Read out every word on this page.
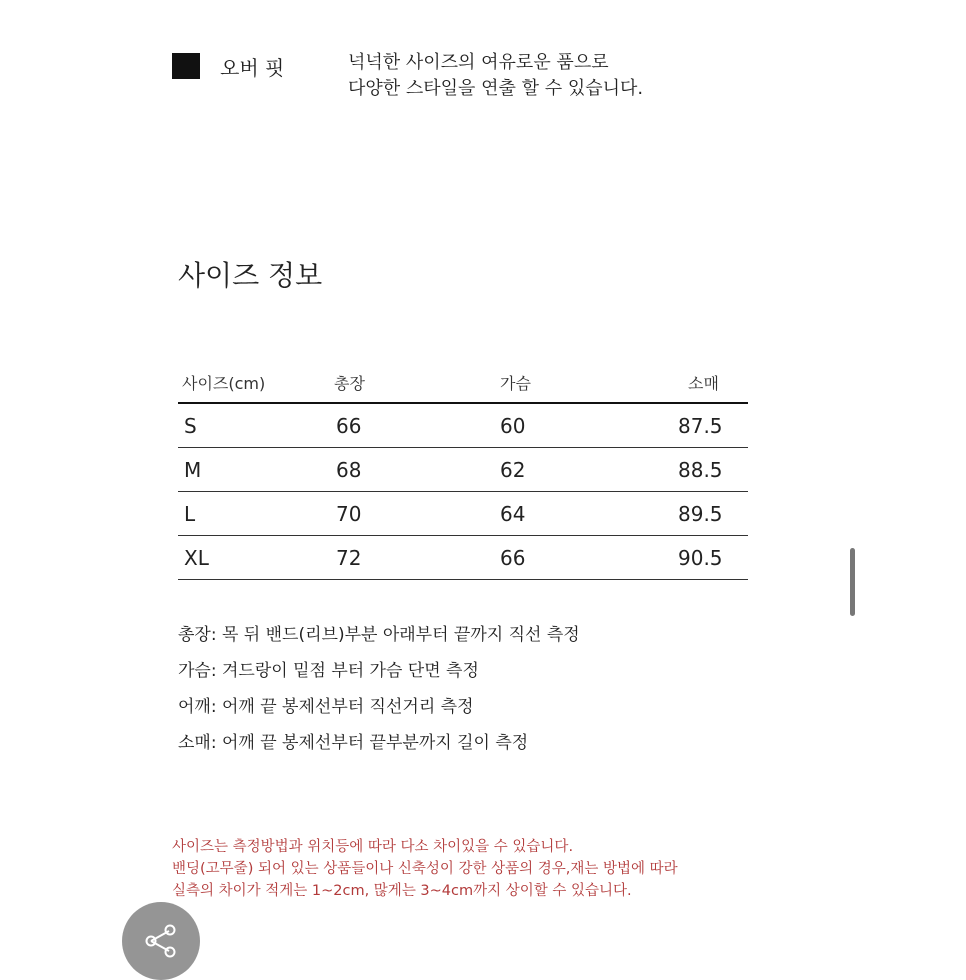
오버 핏	넉넉한 사이즈의 여유로운 품으로
다양한 스타일을 연출 할 수 있습니다.
사이즈 정보
사이즈(cm)	총장	가슴	소매
S	66	60	87.5
M	68	62	88.5
L	70	64	89.5
XL	72	66	90.5
총장: 목 뒤 밴드(리브)부분 아래부터 끝까지 직선 측정
가슴: 겨드랑이 밑점 부터 가슴 단면 측정
어깨: 어깨 끝 봉제선부터 직선거리 측정
소매: 어깨 끝 봉제선부터 끝부분까지 길이 측정
사이즈는 측정방법과 위치등에 따라 다소 차이있을 수 있습니다.
밴딩(고무줄) 되어 있는 상품들이나 신축성이 강한 상품의 경우,재는 방법에 따라
실측의 차이가 적게는 1~2cm, 많게는 3~4cm까지 상이할 수 있습니다.
